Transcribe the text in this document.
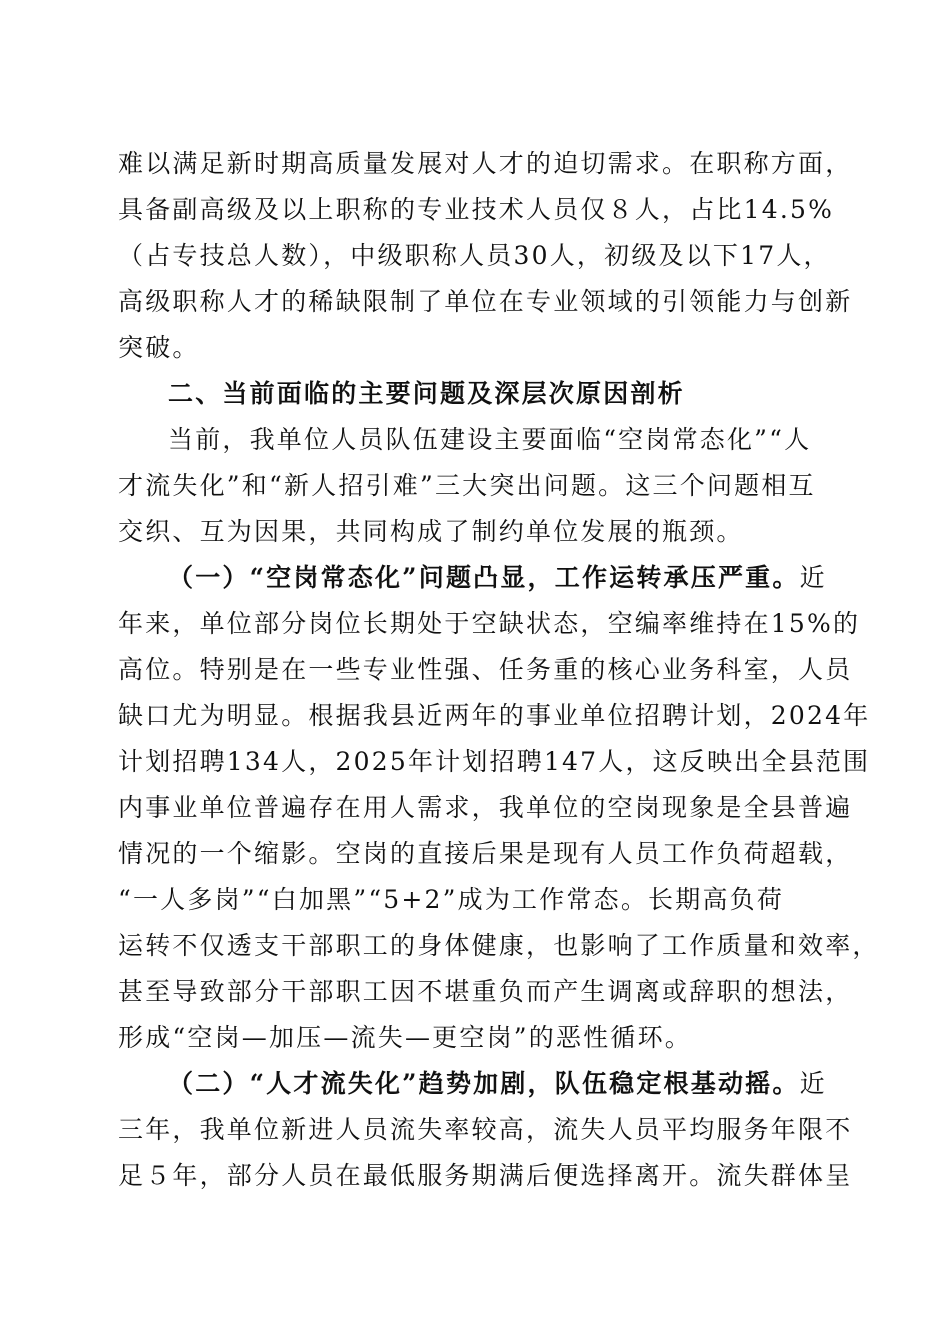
难以满足新时期高质量发展对人才的迫切需求。在职称方面，
具备副高级及以上职称的专业技术人员仅８人，占比14.5%
（占专技总人数），中级职称人员30人，初级及以下17人，
高级职称人才的稀缺限制了单位在专业领域的引领能力与创新
突破。
二、当前面临的主要问题及深层次原因剖析
当前，我单位人员队伍建设主要面临“空岗常态化”“人
才流失化”和“新人招引难”三大突出问题。这三个问题相互
交织、互为因果，共同构成了制约单位发展的瓶颈。
（一）“空岗常态化”问题凸显，工作运转承压严重。近
年来，单位部分岗位长期处于空缺状态，空编率维持在15%的
高位。特别是在一些专业性强、任务重的核心业务科室，人员
缺口尤为明显。根据我县近两年的事业单位招聘计划，2024年
计划招聘134人，2025年计划招聘147人，这反映出全县范围
内事业单位普遍存在用人需求，我单位的空岗现象是全县普遍
情况的一个缩影。空岗的直接后果是现有人员工作负荷超载，
“一人多岗”“白加黑”“5+2”成为工作常态。长期高负荷
运转不仅透支干部职工的身体健康，也影响了工作质量和效率，
甚至导致部分干部职工因不堪重负而产生调离或辞职的想法，
形成“空岗—加压—流失—更空岗”的恶性循环。
（二）“人才流失化”趋势加剧，队伍稳定根基动摇。近
三年，我单位新进人员流失率较高，流失人员平均服务年限不
足５年，部分人员在最低服务期满后便选择离开。流失群体呈
